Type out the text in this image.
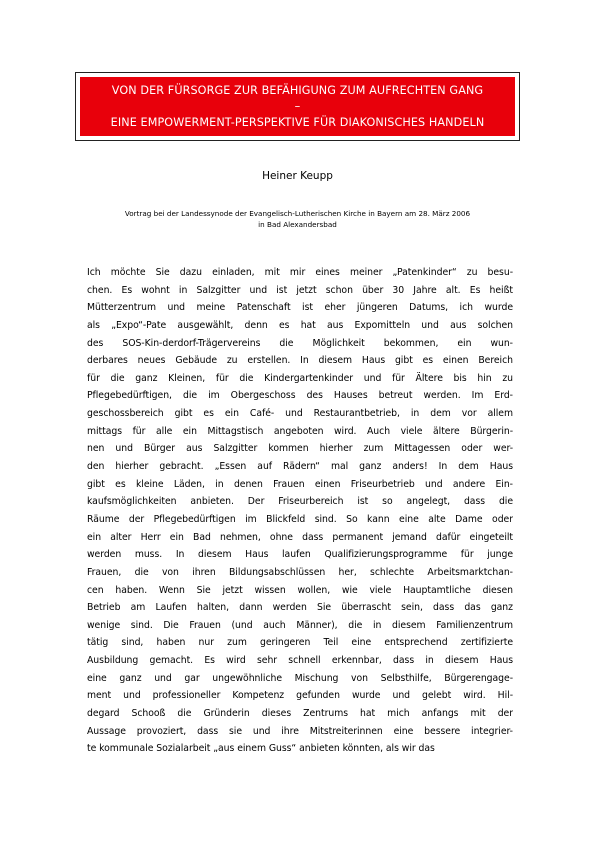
VON DER FÜRSORGE ZUR BEFÄHIGUNG ZUM AUFRECHTEN GANG
–
EINE EMPOWERMENT-PERSPEKTIVE FÜR DIAKONISCHES HANDELN
Heiner Keupp
Vortrag bei der Landessynode der Evangelisch-Lutherischen Kirche in Bayern am 28. März 2006
in Bad Alexandersbad
Ich möchte Sie dazu einladen, mit mir eines meiner „Patenkinder“ zu besu-
chen. Es wohnt in Salzgitter und ist jetzt schon über 30 Jahre alt. Es heißt
Mütterzentrum und meine Patenschaft ist eher jüngeren Datums, ich wurde
als „Expo“-Pate ausgewählt, denn es hat aus Expomitteln und aus solchen
des SOS-Kin-derdorf-Trägervereins die Möglichkeit bekommen, ein wun-
derbares neues Gebäude zu erstellen. In diesem Haus gibt es einen Bereich
für die ganz Kleinen, für die Kindergartenkinder und für Ältere bis hin zu
Pflegebedürftigen, die im Obergeschoss des Hauses betreut werden. Im Erd-
geschossbereich gibt es ein Café- und Restaurantbetrieb, in dem vor allem
mittags für alle ein Mittagstisch angeboten wird. Auch viele ältere Bürgerin-
nen und Bürger aus Salzgitter kommen hierher zum Mittagessen oder wer-
den hierher gebracht. „Essen auf Rädern“ mal ganz anders! In dem Haus
gibt es kleine Läden, in denen Frauen einen Friseurbetrieb und andere Ein-
kaufsmöglichkeiten anbieten. Der Friseurbereich ist so angelegt, dass die
Räume der Pflegebedürftigen im Blickfeld sind. So kann eine alte Dame oder
ein alter Herr ein Bad nehmen, ohne dass permanent jemand dafür eingeteilt
werden muss. In diesem Haus laufen Qualifizierungsprogramme für junge
Frauen, die von ihren Bildungsabschlüssen her, schlechte Arbeitsmarktchan-
cen haben. Wenn Sie jetzt wissen wollen, wie viele Hauptamtliche diesen
Betrieb am Laufen halten, dann werden Sie überrascht sein, dass das ganz
wenige sind. Die Frauen (und auch Männer), die in diesem Familienzentrum
tätig sind, haben nur zum geringeren Teil eine entsprechend zertifizierte
Ausbildung gemacht. Es wird sehr schnell erkennbar, dass in diesem Haus
eine ganz und gar ungewöhnliche Mischung von Selbsthilfe, Bürgerengage-
ment und professioneller Kompetenz gefunden wurde und gelebt wird. Hil-
degard Schooß die Gründerin dieses Zentrums hat mich anfangs mit der
Aussage provoziert, dass sie und ihre Mitstreiterinnen eine bessere integrier-
te kommunale Sozialarbeit „aus einem Guss“ anbieten könnten, als wir das
